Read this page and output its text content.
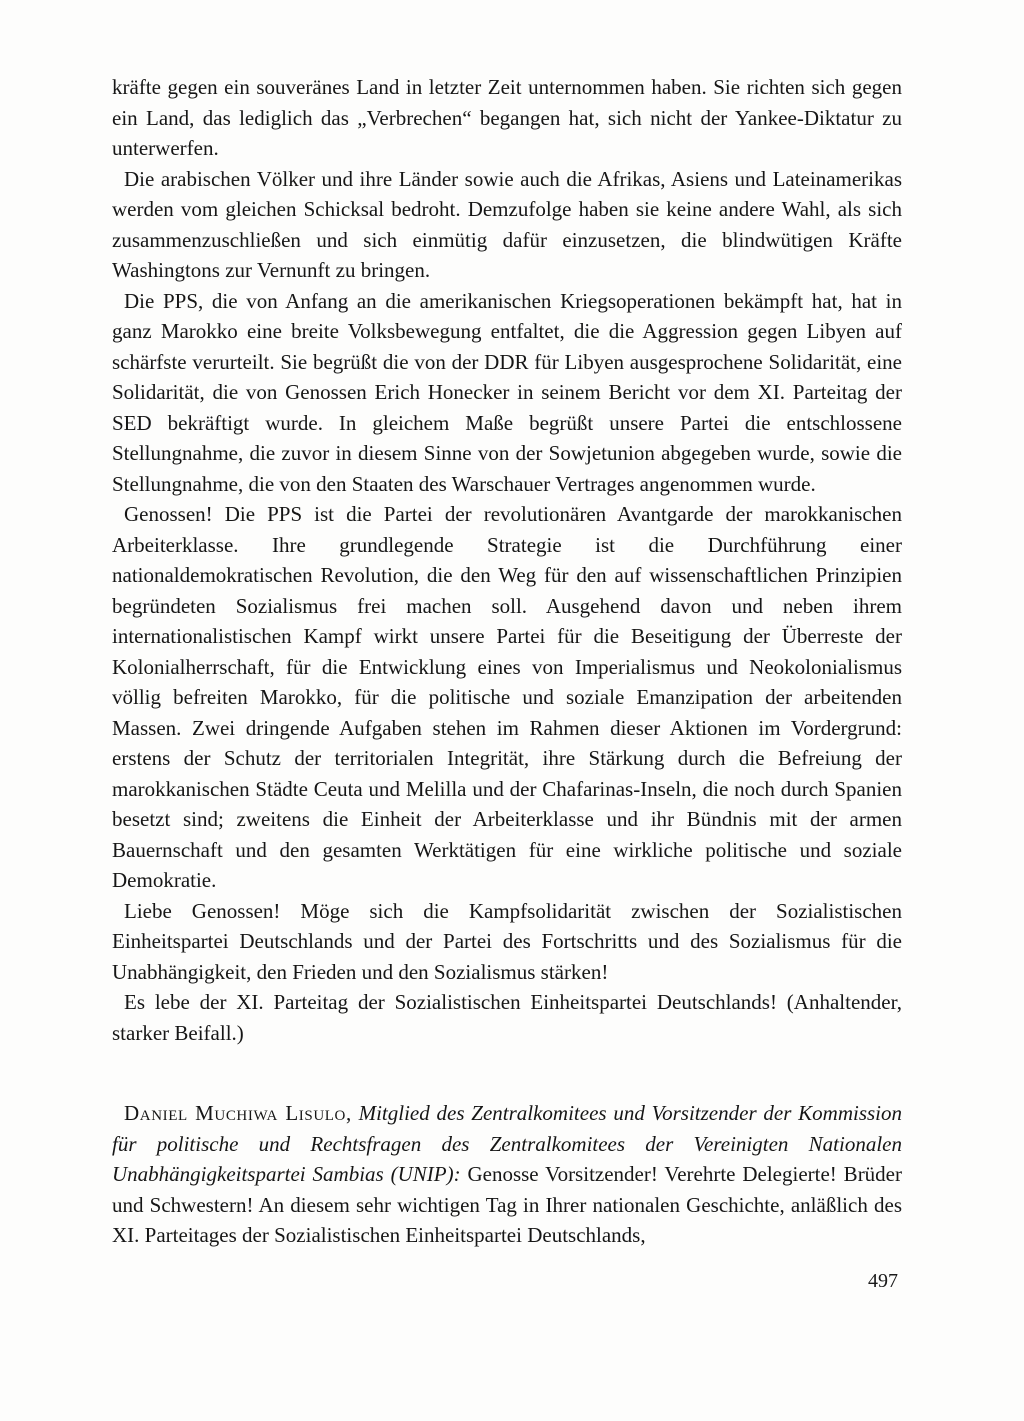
kräfte gegen ein souveränes Land in letzter Zeit unternommen haben. Sie richten sich gegen ein Land, das lediglich das „Verbrechen“ begangen hat, sich nicht der Yankee-Diktatur zu unterwerfen.

Die arabischen Völker und ihre Länder sowie auch die Afrikas, Asiens und Lateinamerikas werden vom gleichen Schicksal bedroht. Demzufolge haben sie keine andere Wahl, als sich zusammenzuschließen und sich einmütig dafür einzusetzen, die blindwütigen Kräfte Washingtons zur Vernunft zu bringen.

Die PPS, die von Anfang an die amerikanischen Kriegsoperationen bekämpft hat, hat in ganz Marokko eine breite Volksbewegung entfaltet, die die Aggression gegen Libyen auf schärfste verurteilt. Sie begrüßt die von der DDR für Libyen ausgesprochene Solidarität, eine Solidarität, die von Genossen Erich Honecker in seinem Bericht vor dem XI. Parteitag der SED bekräftigt wurde. In gleichem Maße begrüßt unsere Partei die entschlossene Stellungnahme, die zuvor in diesem Sinne von der Sowjetunion abgegeben wurde, sowie die Stellungnahme, die von den Staaten des Warschauer Vertrages angenommen wurde.

Genossen! Die PPS ist die Partei der revolutionären Avantgarde der marokkanischen Arbeiterklasse. Ihre grundlegende Strategie ist die Durchführung einer nationaldemokratischen Revolution, die den Weg für den auf wissenschaftlichen Prinzipien begründeten Sozialismus frei machen soll. Ausgehend davon und neben ihrem internationalistischen Kampf wirkt unsere Partei für die Beseitigung der Überreste der Kolonialherrschaft, für die Entwicklung eines von Imperialismus und Neokolonialismus völlig befreiten Marokko, für die politische und soziale Emanzipation der arbeitenden Massen. Zwei dringende Aufgaben stehen im Rahmen dieser Aktionen im Vordergrund: erstens der Schutz der territorialen Integrität, ihre Stärkung durch die Befreiung der marokkanischen Städte Ceuta und Melilla und der Chafarinas-Inseln, die noch durch Spanien besetzt sind; zweitens die Einheit der Arbeiterklasse und ihr Bündnis mit der armen Bauernschaft und den gesamten Werktätigen für eine wirkliche politische und soziale Demokratie.

Liebe Genossen! Möge sich die Kampfsolidarität zwischen der Sozialistischen Einheitspartei Deutschlands und der Partei des Fortschritts und des Sozialismus für die Unabhängigkeit, den Frieden und den Sozialismus stärken!

Es lebe der XI. Parteitag der Sozialistischen Einheitspartei Deutschlands! (Anhaltender, starker Beifall.)

Daniel Muchiwa Lisulo, Mitglied des Zentralkomitees und Vorsitzender der Kommission für politische und Rechtsfragen des Zentralkomitees der Vereinigten Nationalen Unabhängigkeitspartei Sambias (UNIP): Genosse Vorsitzender! Verehrte Delegierte! Brüder und Schwestern! An diesem sehr wichtigen Tag in Ihrer nationalen Geschichte, anläßlich des XI. Parteitages der Sozialistischen Einheitspartei Deutschlands,

497
